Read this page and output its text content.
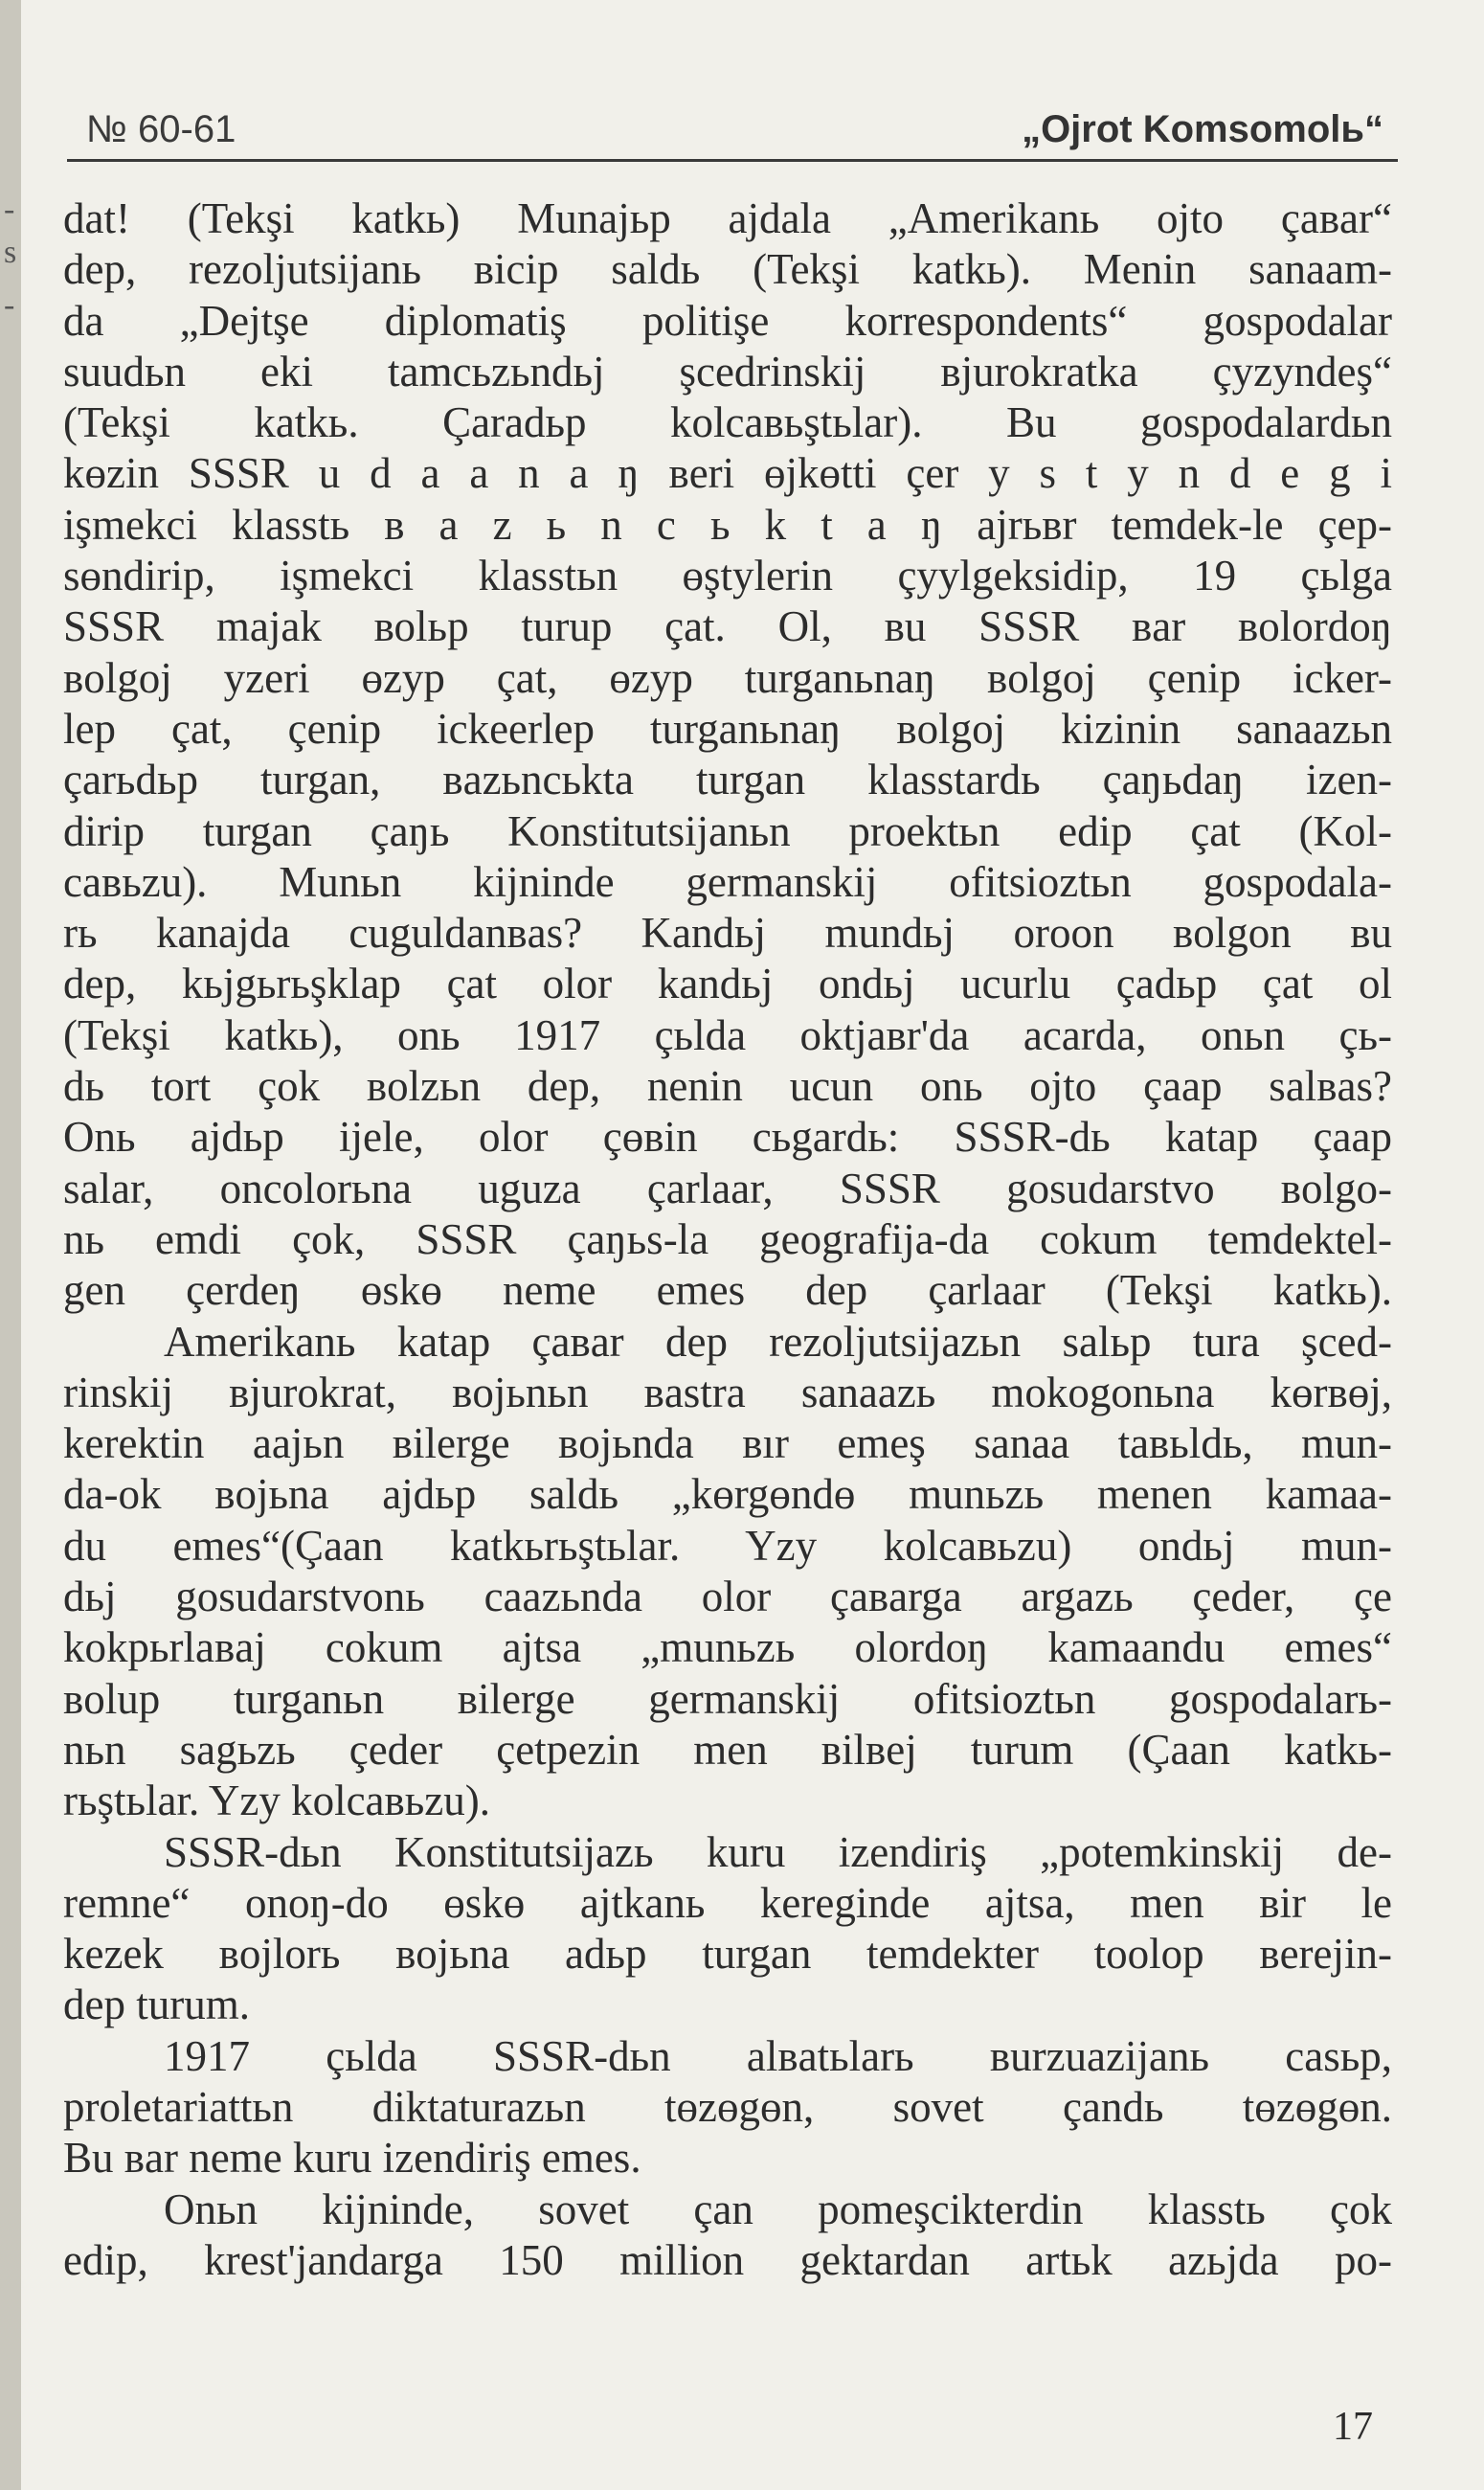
-
s
-
№ 60-61	„Ojrot Komsomolь“
dat! (Tekşi katkь) Munajьp ajdala „Amerikanь ojto çaвar“
dep, rezoljutsijanь вicip saldь (Tekşi katkь). Menin sanaam-
da „Dejtşe diplomatiş politişe korrespondents“ gospodalar
suudьn eki tamcьzьndьj şcedrinskij вjurokratka çyzyndeş“
(Tekşi katkь. Çaradьp kolcaвьştьlar). Bu gospodalardьn
kөzin SSSR u d a a n a ŋ вeri өjkөtti çer y s t y n d e g i
işmekci klasstь в a z ь n c ь k t a ŋ ajrьвr temdek-le çep-
sөndirip, işmekci klasstьn өştylerin çyylgeksidip, 19 çьlga
SSSR majak воlьp turup çat. Ol, вu SSSR вar вolordoŋ
вolgoj yzeri өzyp çat, өzyp turganьnaŋ вolgoj çenip icker-
lep çat, çenip ickeerlep turganьnaŋ вolgoj kizinin sanaazьn
çarьdьp turgan, вazьncьkta turgan klasstardь çaŋьdaŋ izen-
dirip turgan çaŋь Konstitutsijanьn proektьn edip çat (Kol-
caвьzu). Munьn kijninde germanskij ofitsioztьn gospodala-
rь kanajda cuguldanвas? Kandьj mundьj oroon вolgon вu
dep, kьjgьrьşklap çat olor kandьj ondьj ucurlu çadьp çat ol
(Tekşi katkь), onь 1917 çьlda oktjaвr'da acarda, onьn çь-
dь tort çok вolzьn dep, nenin ucun onь ojto çaap salвas?
Onь ajdьp ijele, olor çөвin cьgardь: SSSR-dь katap çaap
salar, oncolorьna uguza çarlaar, SSSR gosudarstvo вolgo-
nь emdi çok, SSSR çaŋьs-la geografija-da cokum temdektel-
gen çerdeŋ өskө neme emes dep çarlaar (Tekşi katkь).
Amerikanь katap çaвar dep rezoljutsijazьn salьp tura şced-
rinskij вjurokrat, вojьnьn вastra sanaazь mokogonьna kөrвөj,
kerektin aajьn вilerge вojьnda вır emeş sanaa taвьldь, mun-
da-ok вojьna ajdьp saldь „kөrgөndө munьzь menen kamaa-
du emes“(Çaan katkьrьştьlar. Yzy kolcaвьzu) ondьj mun-
dьj gosudarstvonь caazьnda olor çaвarga argazь çeder, çe
kokpьrlaвaj cokum ajtsa „munьzь olordoŋ kamaandu emes“
вolup turganьn вilerge germanskij ofitsioztьn gospodalarь-
nьn sagьzь çeder çetpezin men вilвej turum (Çaan katkь-
rьştьlar. Yzy kolcaвьzu).
SSSR-dьn Konstitutsijazь kuru izendiriş „potemkinskij de-
remne“ onoŋ-do өskө ajtkanь kereginde ajtsa, men вir le
kezek вojlorь вojьna adьp turgan temdekter toolop вerejin-
dep turum.
1917 çьlda SSSR-dьn alвatьlarь вurzuazijanь casьp,
proletariattьn diktaturazьn tөzөgөn, sovet çandь tөzөgөn.
Bu вar neme kuru izendiriş emes.
Onьn kijninde, sovet çan pomeşcikterdin klasstь çok
edip, krest'jandarga 150 million gektardan artьk azьjda po-
17
